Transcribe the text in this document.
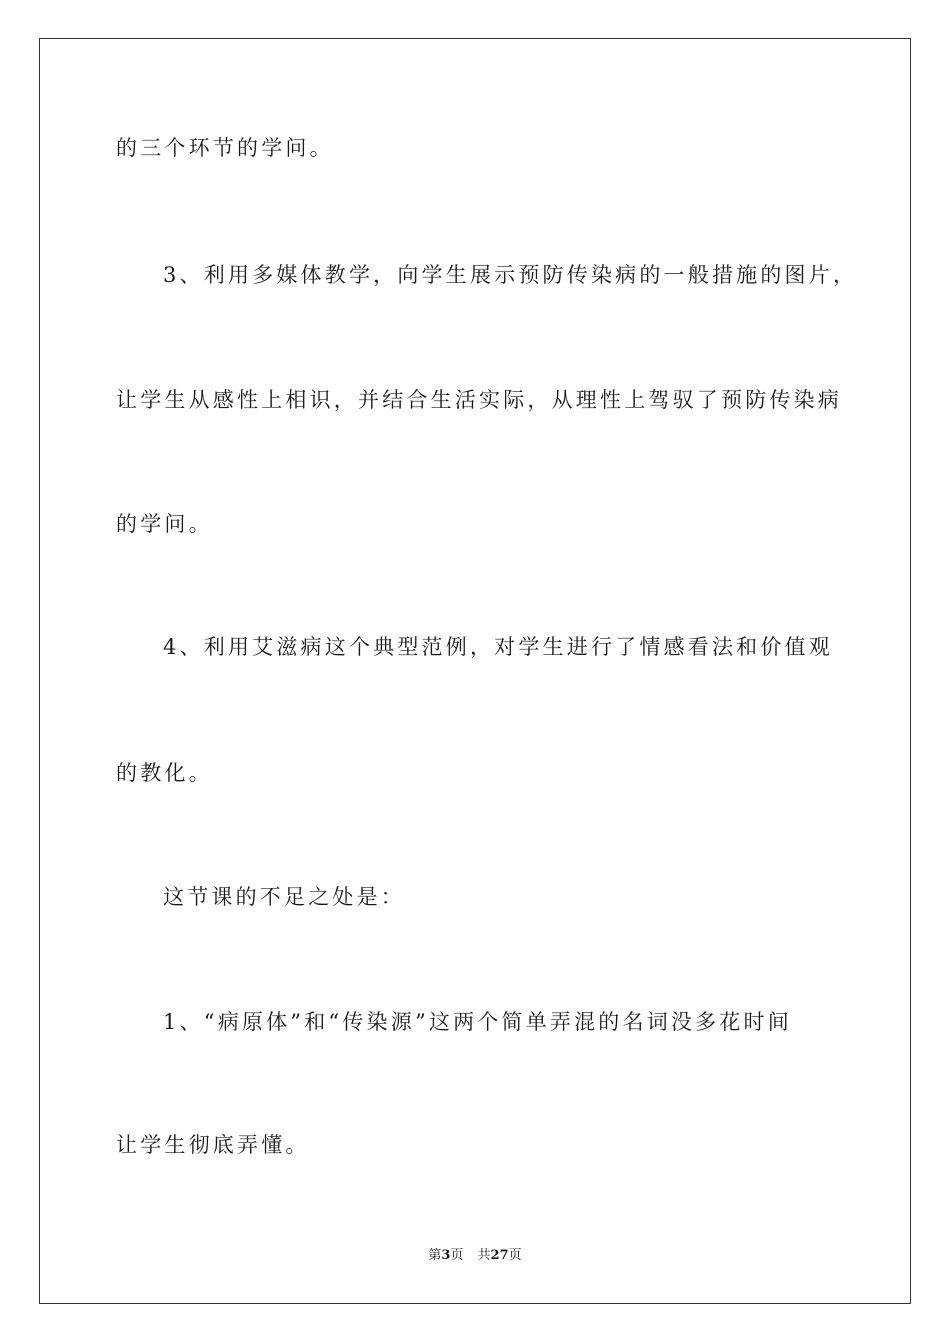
的三个环节的学问。
3、利用多媒体教学，向学生展示预防传染病的一般措施的图片，
让学生从感性上相识，并结合生活实际，从理性上驾驭了预防传染病
的学问。
4、利用艾滋病这个典型范例，对学生进行了情感看法和价值观
的教化。
这节课的不足之处是：
1、“病原体”和“传染源”这两个简单弄混的名词没多花时间
让学生彻底弄懂。
第3页 共27页
